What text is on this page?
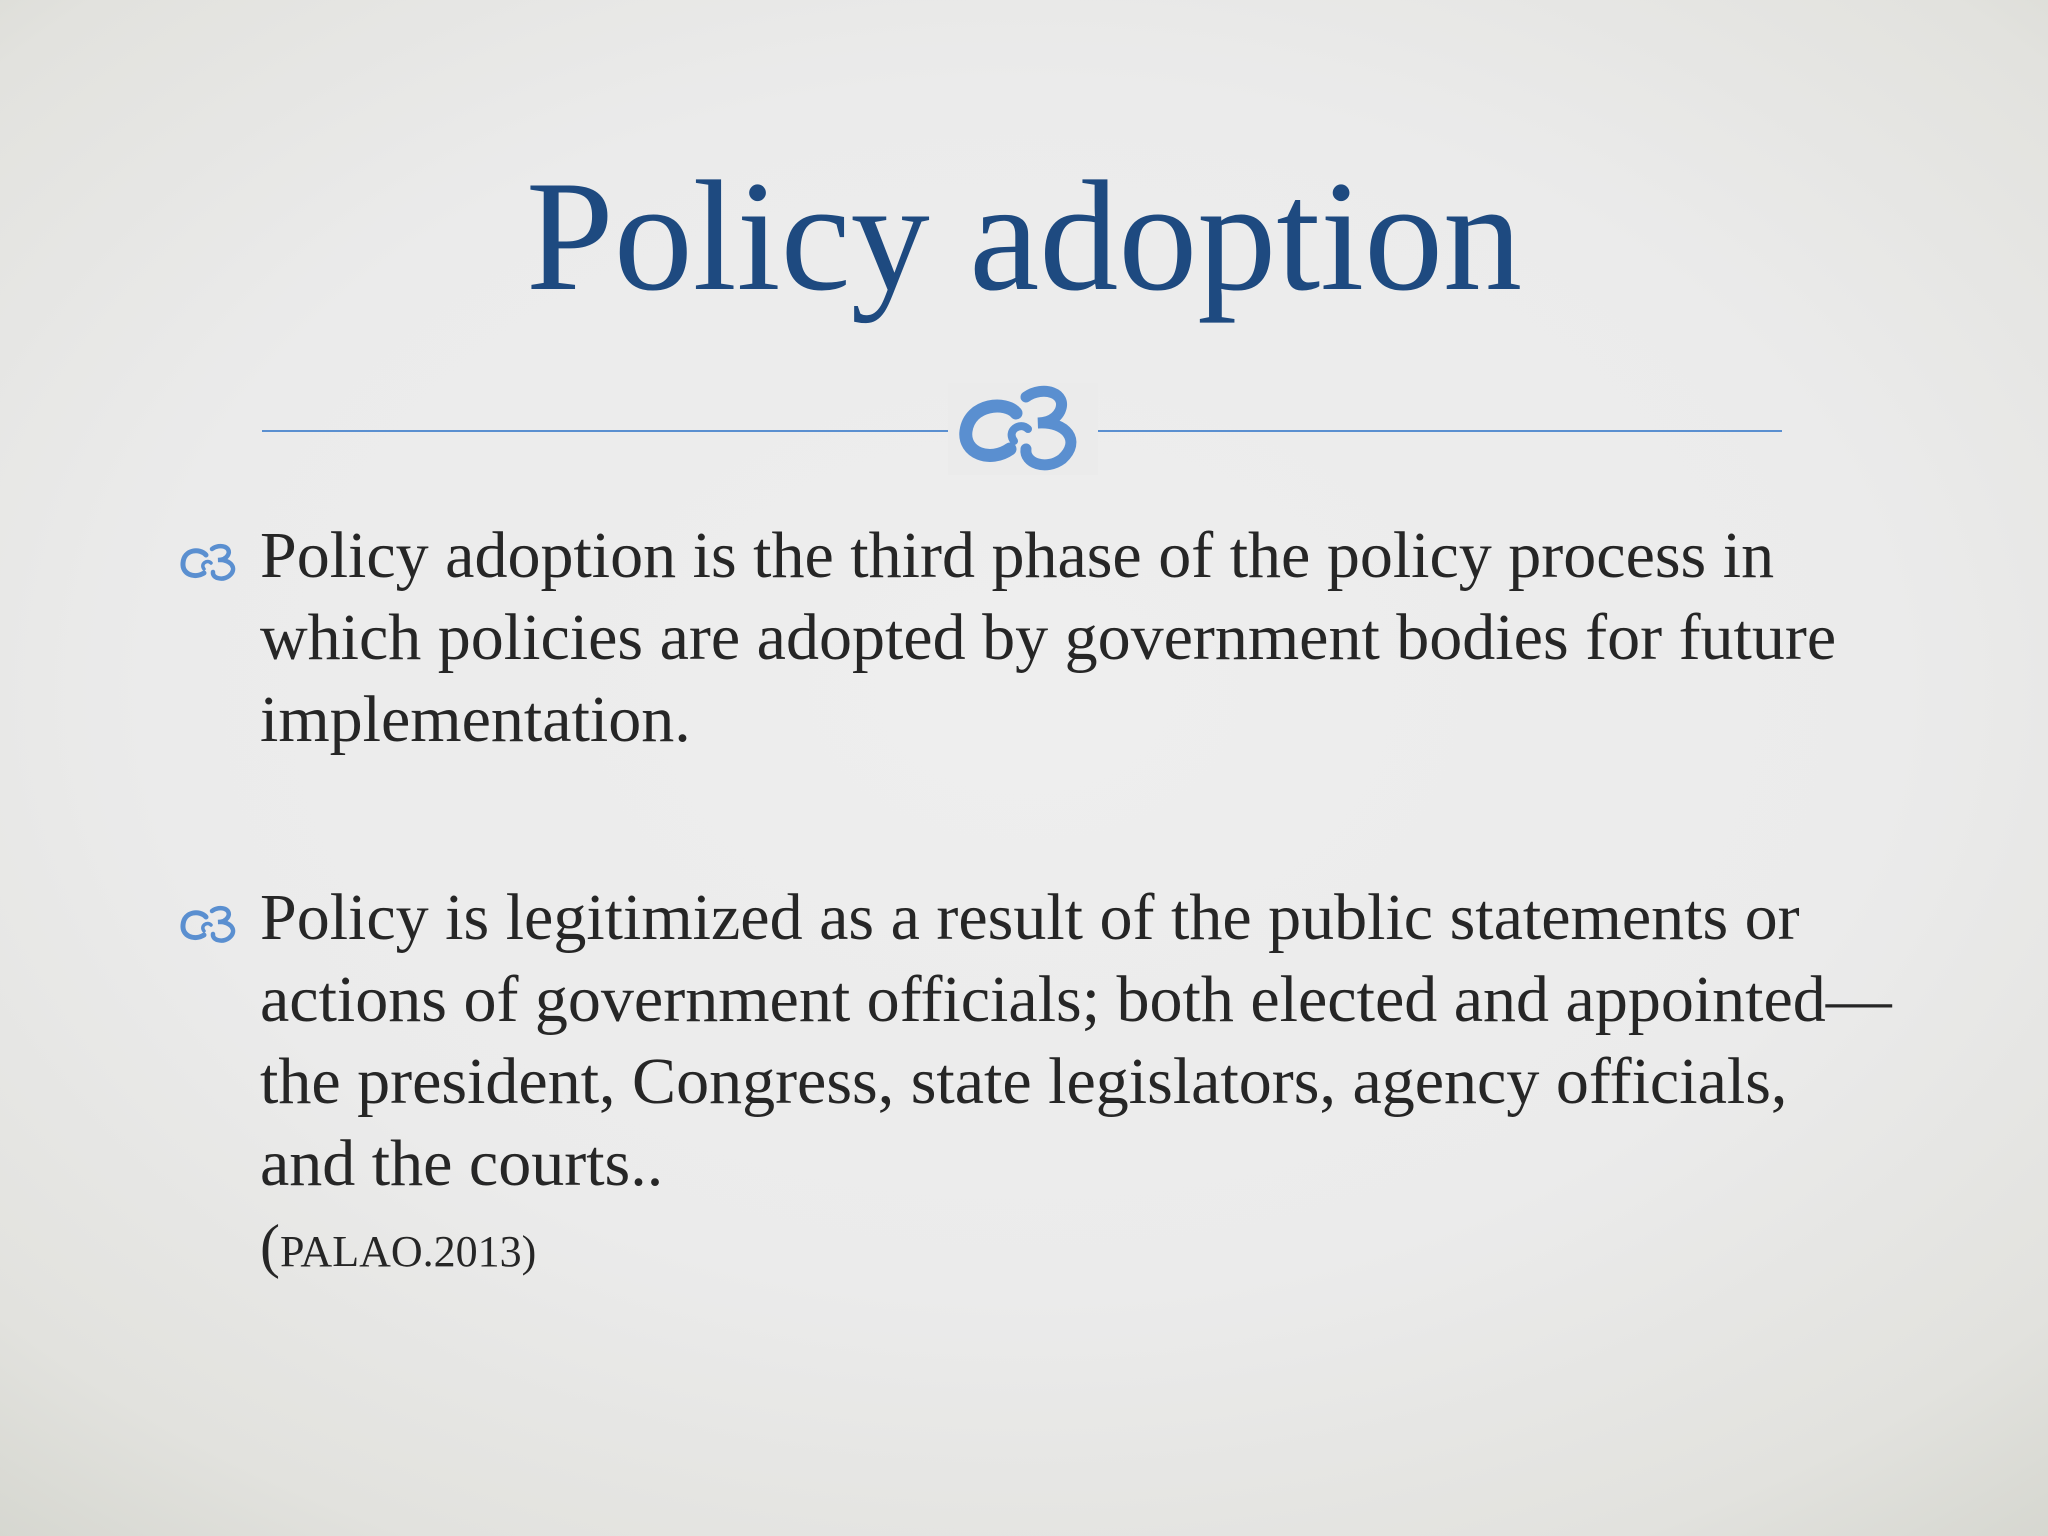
Policy adoption
Policy adoption is the third phase of the policy process in which policies are adopted by government bodies for future implementation.
Policy is legitimized as a result of the public statements or actions of government officials; both elected and appointed—the president, Congress, state legislators, agency officials, and the courts..
(PALAO.2013)
